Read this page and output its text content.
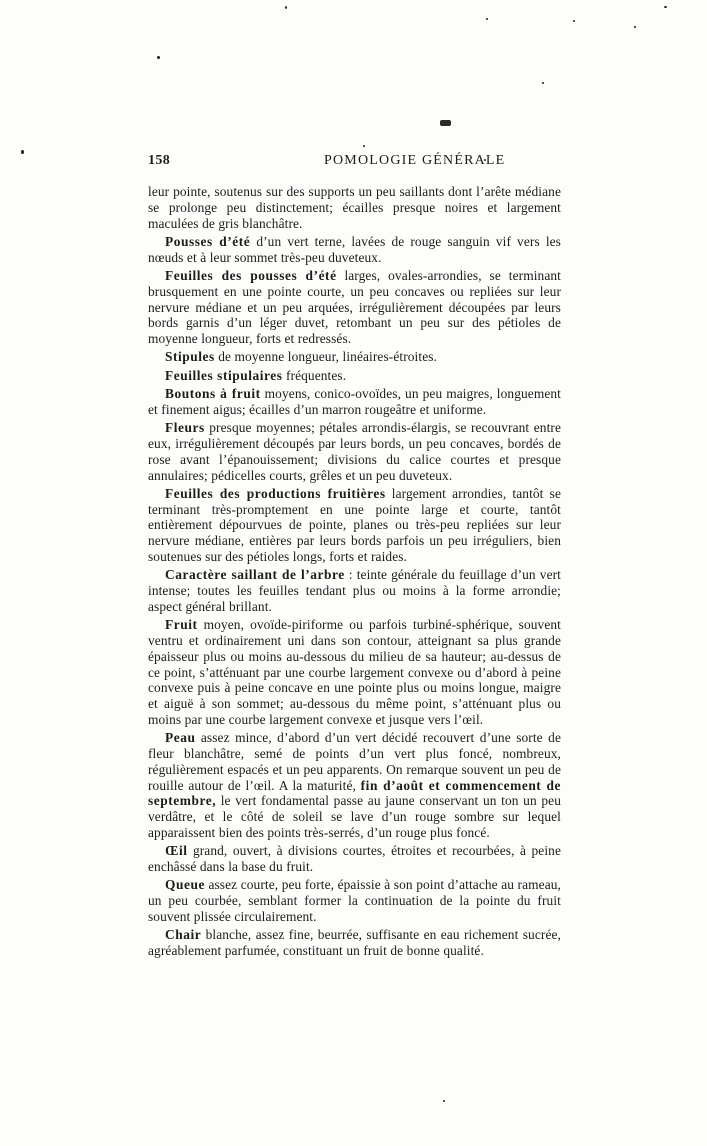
158	POMOLOGIE GÉNÉRALE

leur pointe, soutenus sur des supports un peu saillants dont l’arête médiane se prolonge peu distinctement; écailles presque noires et largement maculées de gris blanchâtre.

Pousses d’été d’un vert terne, lavées de rouge sanguin vif vers les nœuds et à leur sommet très-peu duveteux.

Feuilles des pousses d’été larges, ovales-arrondies, se terminant brusquement en une pointe courte, un peu concaves ou repliées sur leur nervure médiane et un peu arquées, irrégulièrement découpées par leurs bords garnis d’un léger duvet, retombant un peu sur des pétioles de moyenne longueur, forts et redressés.

Stipules de moyenne longueur, linéaires-étroites.

Feuilles stipulaires fréquentes.

Boutons à fruit moyens, conico-ovoïdes, un peu maigres, longuement et finement aigus; écailles d’un marron rougeâtre et uniforme.

Fleurs presque moyennes; pétales arrondis-élargis, se recouvrant entre eux, irrégulièrement découpés par leurs bords, un peu concaves, bordés de rose avant l’épanouissement; divisions du calice courtes et presque annulaires; pédicelles courts, grêles et un peu duveteux.

Feuilles des productions fruitières largement arrondies, tantôt se terminant très-promptement en une pointe large et courte, tantôt entièrement dépourvues de pointe, planes ou très-peu repliées sur leur nervure médiane, entières par leurs bords parfois un peu irréguliers, bien soutenues sur des pétioles longs, forts et raides.

Caractère saillant de l’arbre : teinte générale du feuillage d’un vert intense; toutes les feuilles tendant plus ou moins à la forme arrondie; aspect général brillant.

Fruit moyen, ovoïde-piriforme ou parfois turbiné-sphérique, souvent ventru et ordinairement uni dans son contour, atteignant sa plus grande épaisseur plus ou moins au-dessous du milieu de sa hauteur; au-dessus de ce point, s’atténuant par une courbe largement convexe ou d’abord à peine convexe puis à peine concave en une pointe plus ou moins longue, maigre et aiguë à son sommet; au-dessous du même point, s’atténuant plus ou moins par une courbe largement convexe et jusque vers l’œil.

Peau assez mince, d’abord d’un vert décidé recouvert d’une sorte de fleur blanchâtre, semé de points d’un vert plus foncé, nombreux, régulièrement espacés et un peu apparents. On remarque souvent un peu de rouille autour de l’œil. A la maturité, fin d’août et commencement de septembre, le vert fondamental passe au jaune conservant un ton un peu verdâtre, et le côté de soleil se lave d’un rouge sombre sur lequel apparaissent bien des points très-serrés, d’un rouge plus foncé.

Œil grand, ouvert, à divisions courtes, étroites et recourbées, à peine enchâssé dans la base du fruit.

Queue assez courte, peu forte, épaissie à son point d’attache au rameau, un peu courbée, semblant former la continuation de la pointe du fruit souvent plissée circulairement.

Chair blanche, assez fine, beurrée, suffisante en eau richement sucrée, agréablement parfumée, constituant un fruit de bonne qualité.
